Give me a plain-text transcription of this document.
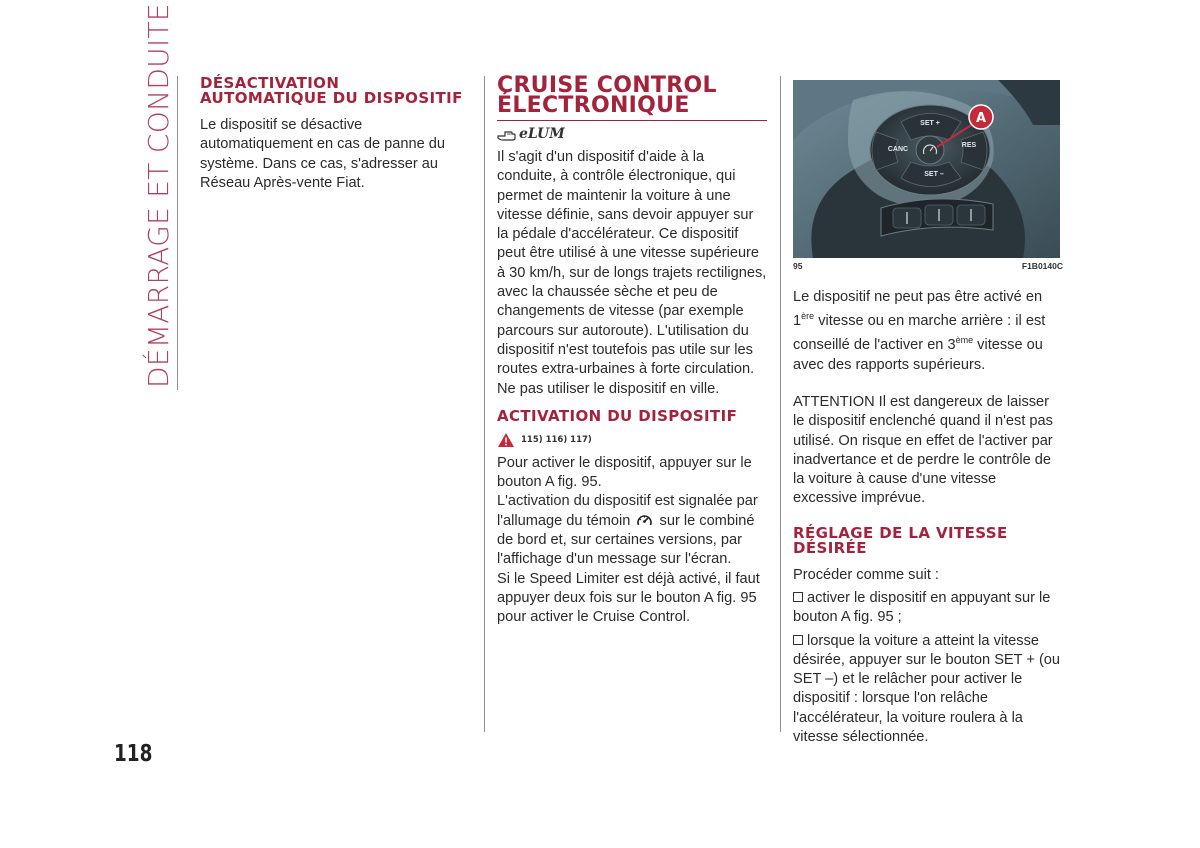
DÉMARRAGE ET CONDUITE DÉSACTIVATION AUTOMATIQUE DU DISPOSITIF

Le dispositif se désactive automatiquement en cas de panne du système. Dans ce cas, s'adresser au Réseau Après-vente Fiat.

CRUISE CONTROL ÉLECTRONIQUE
eLUM

Il s'agit d'un dispositif d'aide à la conduite, à contrôle électronique, qui permet de maintenir la voiture à une vitesse définie, sans devoir appuyer sur la pédale d'accélérateur. Ce dispositif peut être utilisé à une vitesse supérieure à 30 km/h, sur de longs trajets rectilignes, avec la chaussée sèche et peu de changements de vitesse (par exemple parcours sur autoroute). L'utilisation du dispositif n'est toutefois pas utile sur les routes extra-urbaines à forte circulation. Ne pas utiliser le dispositif en ville.

ACTIVATION DU DISPOSITIF
115) 116) 117)

Pour activer le dispositif, appuyer sur le bouton A fig. 95.

L'activation du dispositif est signalée par l'allumage du témoin sur le combiné de bord et, sur certaines versions, par l'affichage d'un message sur l'écran.

Si le Speed Limiter est déjà activé, il faut appuyer deux fois sur le bouton A fig. 95 pour activer le Cruise Control.

SET +
CANC
RES
SET –
A
95	F1B0140C

Le dispositif ne peut pas être activé en 1ère vitesse ou en marche arrière : il est conseillé de l'activer en 3ème vitesse ou avec des rapports supérieurs.

ATTENTION Il est dangereux de laisser le dispositif enclenché quand il n'est pas utilisé. On risque en effet de l'activer par inadvertance et de perdre le contrôle de la voiture à cause d'une vitesse excessive imprévue.

RÉGLAGE DE LA VITESSE DÉSIRÉE

Procéder comme suit :

activer le dispositif en appuyant sur le bouton A fig. 95 ;

lorsque la voiture a atteint la vitesse désirée, appuyer sur le bouton SET + (ou SET –) et le relâcher pour activer le dispositif : lorsque l'on relâche l'accélérateur, la voiture roulera à la vitesse sélectionnée.

118
